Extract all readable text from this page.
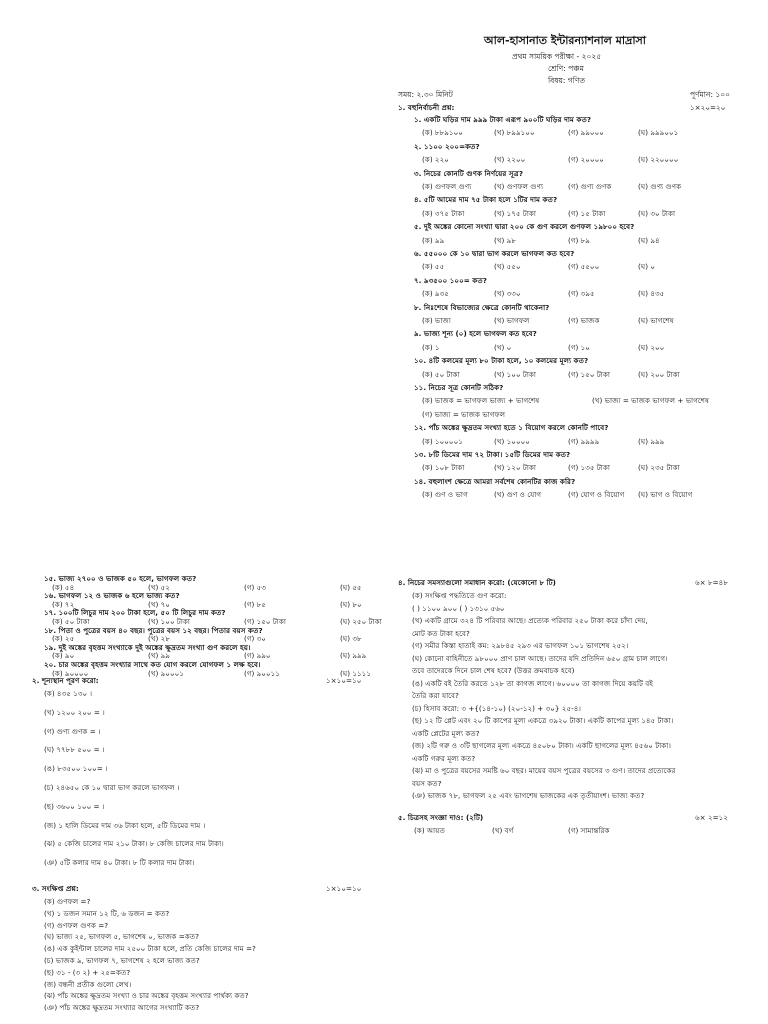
আল-হাসানাত ইন্টারন্যাশনাল মাদ্রাসা
প্রথম সাময়িক পরীক্ষা - ২০২৫
শ্রেণি: পঞ্চম
বিষয়: গণিত
সময়: ২.৩০ মিনিট	পূর্ণমান: ১০০
১. বহুনির্বাচনী প্রশ্ন:	১×২০=২০
১. একটি ঘড়ির দাম ৯৯৯ টাকা এরূপ ৯০০টি ঘড়ির দাম কত?
(ক) ৮৮৯১০০	(খ) ৮৯৯১০০	(গ) ৯৯০০০	(ঘ) ৯৯৯০০১
২. ১১০০ ২০০=কত?
(ক) ২২০	(খ) ২২০০	(গ) ২০০০০	(ঘ) ২২০০০০
৩. নিচের কোনটি গুণক নির্ণয়ের সূত্র?
(ক) গুণফল গুণ্য	(খ) গুণফল গুণ্য	(গ) গুণ্য গুণক	(ঘ) গুণ্য গুণক
৪. ৫টি আমের দাম ৭৫ টাকা হলে ১টির দাম কত?
(ক) ৩৭৫ টাকা	(খ) ১৭৫ টাকা	(গ) ১৫ টাকা	(ঘ) ৩০ টাকা
৫. দুই অঙ্কের কোনো সংখ্যা দ্বারা ২০০ কে গুণ করলে গুণফল ১৯৮০০ হবে?
(ক) ৯৯	(খ) ৯৮	(গ) ৮৯	(ঘ) ৯৪
৬. ৫৫০০০ কে ১০ দ্বারা ভাগ করলে ভাগফল কত হবে?
(ক) ৫৫	(খ) ৫৫০	(গ) ৫৫০০	(ঘ) ০
৭. ৯৩৫০০ ১০০= কত?
(ক) ৯৩৫	(খ) ৩৩০	(গ) ৩৯৫	(ঘ) ৪৩৫
৮. নিঃশেষে বিভাজ্যের ক্ষেত্রে কোনটি থাকেনা?
(ক) ভাজ্য	(খ) ভাগফল	(গ) ভাজক	(ঘ) ভাগশেষ
৯. ভাজ্য শূন্য (০) হলে ভাগফল কত হবে?
(ক) ১	(খ) ০	(গ) ১০	(ঘ) ২০০
১০. ৪টি কলমের মূল্য ৮০ টাকা হলে, ১০ কলমের মূল্য কত?
(ক) ৫০ টাকা	(খ) ১০০ টাকা	(গ) ১৫০ টাকা	(ঘ) ২০০ টাকা
১১. নিচের সূত্র কোনটি সঠিক?
(ক) ভাজক = ভাগফল ভাজ্য + ভাগশেষ	(খ) ভাজ্য = ভাজক ভাগফল + ভাগশেষ
(গ) ভাজ্য = ভাজক ভাগফল
১২. পাঁচ অঙ্কের ক্ষুদ্রতম সংখ্যা হতে ১ বিয়োগ করলে কোনটি পাবে?
(ক) ১০০০০১	(খ) ১০০০০	(গ) ৯৯৯৯	(ঘ) ৯৯৯
১৩. ৮টি ডিমের দাম ৭২ টাকা। ১৫টি ডিমের দাম কত?
(ক) ১০৮ টাকা	(খ) ১২০ টাকা	(গ) ১৩৫ টাকা	(ঘ) ২৩৫ টাকা
১৪. বহুলাংশ ক্ষেত্রে আমরা সর্বশেষ কোনটির কাজ করি?
(ক) গুণ ও ভাগ	(খ) গুণ ও যোগ	(গ) যোগ ও বিয়োগ (ঘ) ভাগ ও বিয়োগ
১৫. ভাজ্য ২৭০০ ও ভাজক ৫০ হলে, ভাগফল কত?
(ক) ৫৪	(খ) ৫২	(গ) ৫৩	(ঘ) ৫৫
১৬. ভাগফল ১২ ও ভাজক ৬ হলে ভাজ্য কত?
(ক) ৭২	(খ) ৭০	(গ) ৮৫	(ঘ) ৮০
১৭. ১০০টি লিচুর দাম ২০০ টাকা হলে, ৫০ টি লিচুর দাম কত?
(ক) ৫০ টাকা	(খ) ১০০ টাকা	(গ) ১৫০ টাকা	(ঘ) ২৫০ টাকা
১৮. পিতা ও পুত্রের বয়স ৪০ বছর। পুত্রের বয়স ১২ বছর। পিতার বয়স কত?
(ক) ২৫	(খ) ২৮	(গ) ৩০	(ঘ) ৩৮
১৯. দুই অঙ্কের বৃহত্তম সংখ্যাকে দুই অঙ্কের ক্ষুদ্রতম সংখ্যা গুণ করলে হয়।
(ক) ৯০	(খ) ৯৯	(গ) ৯৯০	(ঘ) ৯৯৯
২০. চার অঙ্কের বৃহত্তম সংখ্যার সাথে কত যোগ করলে যোগফল ১ লক্ষ হবে।
(ক) ৯০০০০	(খ) ৯০০০১	(গ) ৯০০১১	(ঘ) ১১১১
২. শূন্যস্থান পূরণ করো:	১×১০=১০
(ক) ৪৩৫ ১৩০ ।
(খ) ১২০০ ২০০ = ।
(গ) গুণ্য গুণক = ।
(ঘ) ৭৭৮৮ ৫০০ = ।
(ঙ) ৮৩৫০০ ১০০= ।
(চ) ২৪৬৫০ কে ১০ দ্বারা ভাগ করলে ভাগফল ।
(ছ) ৩৬০০ ১০০ = ।
(জ) ১ হালি ডিমের দাম ৩৬ টাকা হলে, ৫টি ডিমের দাম ।
(ঝ) ৫ কেজি চালের দাম ২১০ টাকা। ৮ কেজি চালের দাম টাকা।
(ঞ) ৫টি কলার দাম ৪০ টাকা। ৮ টি কলার দাম টাকা।
৩. সংক্ষিপ্ত প্রশ্ন:	১×১০=১০
(ক) গুণফল =?
(খ) ১ ডজন সমান ১২ টি, ৬ ডজন = কত?
(গ) গুণফল গুণক =?
(ঘ) ভাজ্য ২৫, ভাগফল ৫, ভাগশেষ ০, ভাজক =কত?
(ঙ) এক কুইন্টাল চালের দাম ২৫০০ টাকা হলে, প্রতি কেজি চালের দাম =?
(চ) ভাজক ৯, ভাগফল ৭, ভাগশেষ ২ হলে ভাজ্য কত?
(ছ) ৩১ - (৩ ২) + ২৫=কত?
(জ) বন্ধনী প্রতীক গুলো লেখ।
(ঝ) পাঁচ অঙ্কের ক্ষুদ্রতম সংখ্যা ও চার অঙ্কের বৃহত্তম সংখ্যার পার্থক্য কত?
(ঞ) পাঁচ অঙ্কের ক্ষুদ্রতম সংখ্যার আগের সংখ্যাটি কত?
৪. নিচের সমস্যাগুলো সমাধান করো: (যেকোনো ৮ টি)	৬× ৮=৪৮
(ক) সংক্ষিপ্ত পদ্ধতিতে গুণ করো:
( ) ১১০০ ৯০০ ( ) ১৩১০ ৫৬০
(খ) একটি গ্রামে ৩২৪ টি পরিবার আছে। প্রত্যেক পরিবার ২৫০ টাকা করে চাঁদা দেয়,
মোট কত টাকা হবে?
(গ) সমীর কিস্তা হাতাই কম: ২৯৮৪৫ ২৯৩ এর ভাগফল ১০১ ভাগশেষ ২৫২।
(ঘ) কোনো বাহিনীতে ৯৮০০০ প্রাণ চাল আছে। তাদের যদি প্রতিদিন ৬৫০ গ্রাম চাল লাগে।
তবে তাদেরকে দিনে চাল শেষ হবে? (উত্তর ক্রমবাচক হবে)
(ঙ) একটি বই তৈরি করতে ১২৮ তা কাগজ লাগে। ৬০০০০ তা কাগজ দিয়ে কয়টি বই
তৈরি করা যাবে?
(চ) হিসাব করো: ৩ +{(১৪-১০) (২০-১২) + ৩০} ২৫-৪।
(ছ) ১২ টি প্লেট এবং ২০ টি কাপের মূল্য একত্রে ৩৯২০ টাকা। একটি কাপের মূল্য ১৪৫ টাকা।
একটি প্লেটের মূল্য কত?
(জ) ২টি গরু ও ৩টি ছাগলের মূল্য একত্রে ৪৫০৮০ টাকা। একটি ছাগলের মূল্য ৪৫৬০ টাকা।
একটি গরুর মূল্য কত?
(ঝ) মা ও পুত্রের বয়সের সমষ্টি ৬০ বছর। মায়ের বয়স পুত্রের বয়সের ৩ গুণ। তাদের প্রত্যেকের
বয়স কত?
(ঞ) ভাজক ৭৮, ভাগফল ২৫ এবং ভাগশেষ ভাজকের এক তৃতীয়াংশ। ভাজ্য কত?
৫. চিত্রসহ সংজ্ঞা দাও: (২টি)	৬× ২=১২
(ক) আয়ত	(খ) বর্গ	(গ) সামান্তরিক
